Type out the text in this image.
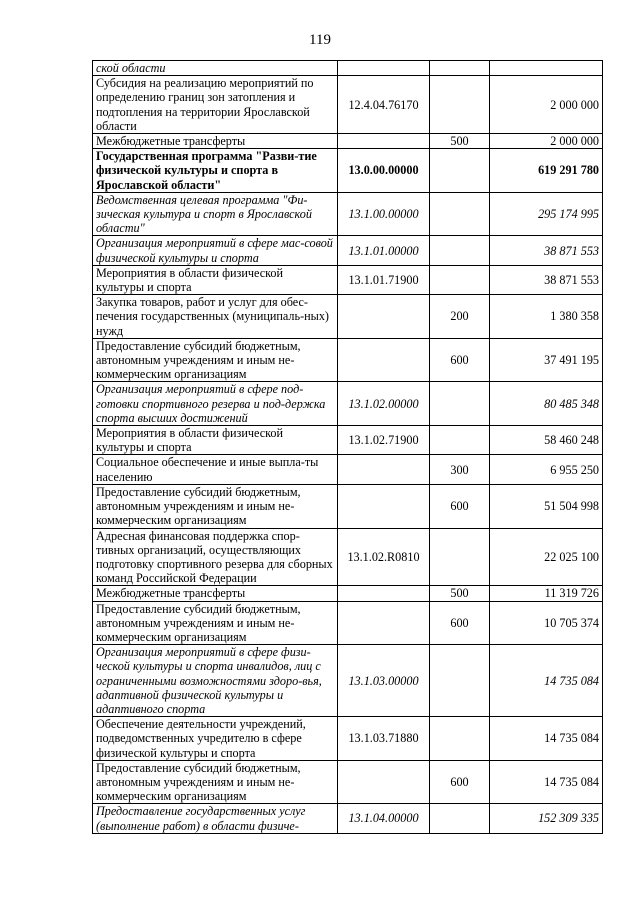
119
ской области			
Субсидия на реализацию мероприятий по определению границ зон затопления и подтопления на территории Ярославской области	12.4.04.76170		2 000 000
Межбюджетные трансферты		500	2 000 000
Государственная программа "Разви-тие физической культуры и спорта в Ярославской области"	13.0.00.00000		619 291 780
Ведомственная целевая программа "Фи-зическая культура и спорт в Ярославской области"	13.1.00.00000		295 174 995
Организация мероприятий в сфере мас-совой физической культуры и спорта	13.1.01.00000		38 871 553
Мероприятия в области физической культуры и спорта	13.1.01.71900		38 871 553
Закупка товаров, работ и услуг для обес-печения государственных (муниципаль-ных) нужд		200	1 380 358
Предоставление субсидий бюджетным, автономным учреждениям и иным не-коммерческим организациям		600	37 491 195
Организация мероприятий в сфере под-готовки спортивного резерва и под-держка спорта высших достижений	13.1.02.00000		80 485 348
Мероприятия в области физической культуры и спорта	13.1.02.71900		58 460 248
Социальное обеспечение и иные выпла-ты населению		300	6 955 250
Предоставление субсидий бюджетным, автономным учреждениям и иным не-коммерческим организациям		600	51 504 998
Адресная финансовая поддержка спор-тивных организаций, осуществляющих подготовку спортивного резерва для сборных команд Российской Федерации	13.1.02.R0810		22 025 100
Межбюджетные трансферты		500	11 319 726
Предоставление субсидий бюджетным, автономным учреждениям и иным не-коммерческим организациям		600	10 705 374
Организация мероприятий в сфере физи-ческой культуры и спорта инвалидов, лиц с ограниченными возможностями здоро-вья, адаптивной физической культуры и адаптивного спорта	13.1.03.00000		14 735 084
Обеспечение деятельности учреждений, подведомственных учредителю в сфере физической культуры и спорта	13.1.03.71880		14 735 084
Предоставление субсидий бюджетным, автономным учреждениям и иным не-коммерческим организациям		600	14 735 084
Предоставление государственных услуг (выполнение работ) в области физиче-	13.1.04.00000		152 309 335
